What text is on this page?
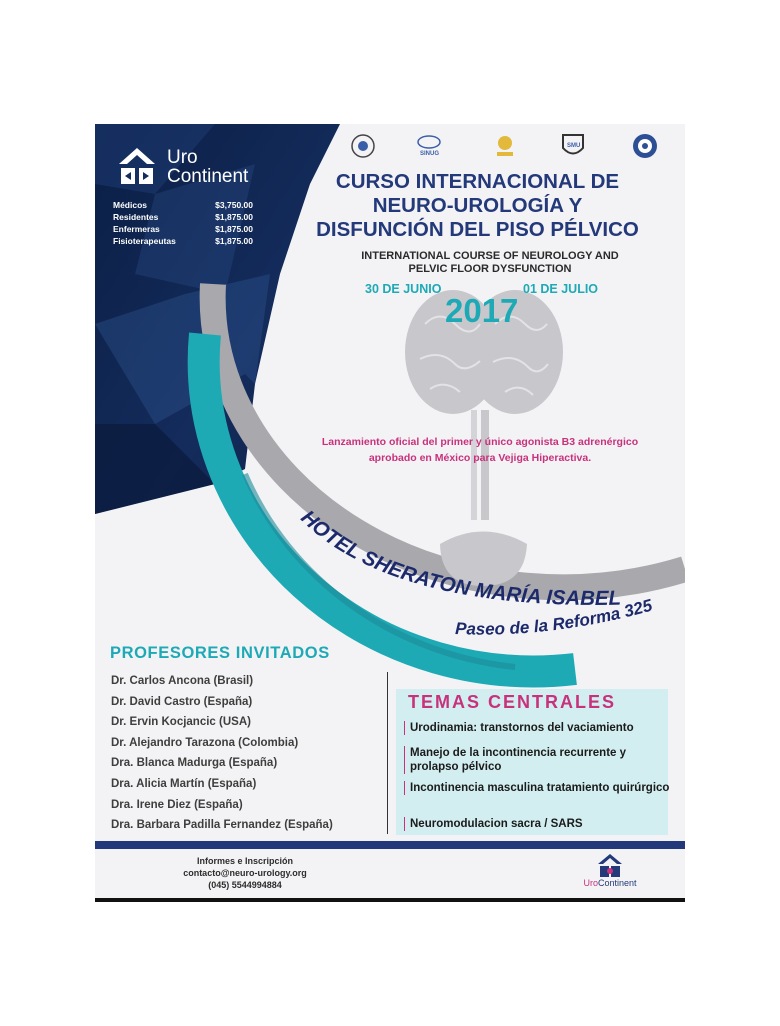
HOTEL SHERATON MARÍA ISABEL
Paseo de la Reforma 325
Uro
Continent
Médicos	$3,750.00
Residentes	$1,875.00
Enfermeras	$1,875.00
Fisioterapeutas	$1,875.00
SINUG
SMU
CURSO INTERNACIONAL DE
NEURO-UROLOGÍA Y
DISFUNCIÓN DEL PISO PÉLVICO
INTERNATIONAL COURSE OF NEUROLOGY AND
PELVIC FLOOR DYSFUNCTION
30 DE JUNIO	01 DE JULIO
2017
Lanzamiento oficial del primer y único agonista B3 adrenérgico
aprobado en México para Vejiga Hiperactiva.
PROFESORES INVITADOS
Dr. Carlos Ancona (Brasil)
Dr. David Castro (España)
Dr. Ervin Kocjancic (USA)
Dr. Alejandro Tarazona (Colombia)
Dra. Blanca Madurga (España)
Dra. Alicia Martín (España)
Dra. Irene Diez (España)
Dra. Barbara Padilla Fernandez (España)
TEMAS CENTRALES
Urodinamia: transtornos del vaciamiento
Manejo de la incontinencia recurrente y prolapso pélvico
Incontinencia masculina tratamiento quirúrgico
Neuromodulacion sacra / SARS
Informes e Inscripción
contacto@neuro-urology.org
(045) 5544994884	UroContinent
